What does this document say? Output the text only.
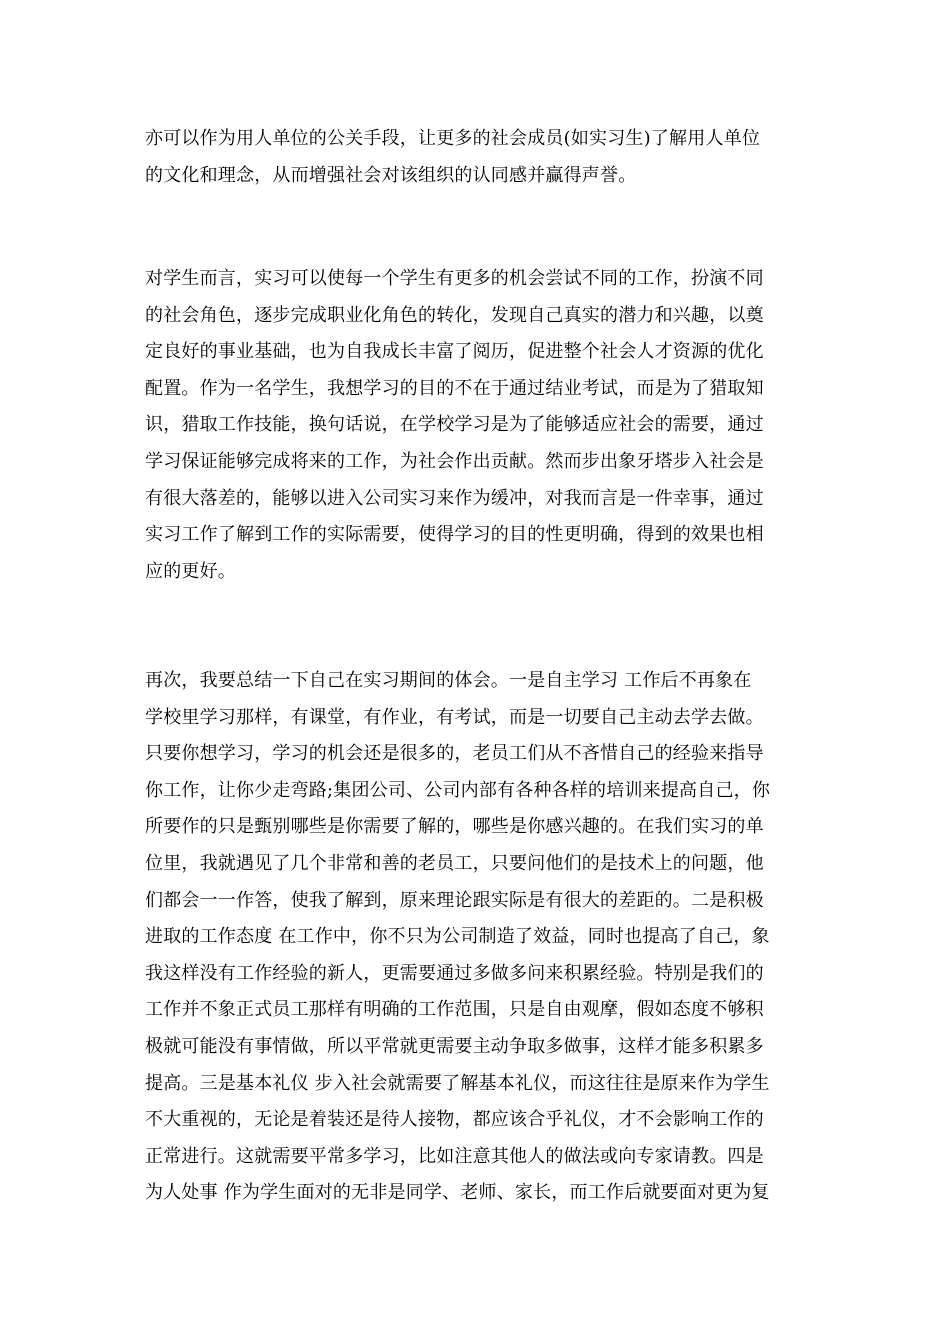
亦可以作为用人单位的公关手段，让更多的社会成员(如实习生)了解用人单位
的文化和理念，从而增强社会对该组织的认同感并赢得声誉。
对学生而言，实习可以使每一个学生有更多的机会尝试不同的工作，扮演不同
的社会角色，逐步完成职业化角色的转化，发现自己真实的潜力和兴趣，以奠
定良好的事业基础，也为自我成长丰富了阅历，促进整个社会人才资源的优化
配置。作为一名学生，我想学习的目的不在于通过结业考试，而是为了猎取知
识，猎取工作技能，换句话说，在学校学习是为了能够适应社会的需要，通过
学习保证能够完成将来的工作，为社会作出贡献。然而步出象牙塔步入社会是
有很大落差的，能够以进入公司实习来作为缓冲，对我而言是一件幸事，通过
实习工作了解到工作的实际需要，使得学习的目的性更明确，得到的效果也相
应的更好。
再次，我要总结一下自己在实习期间的体会。一是自主学习 工作后不再象在
学校里学习那样，有课堂，有作业，有考试，而是一切要自己主动去学去做。
只要你想学习，学习的机会还是很多的，老员工们从不吝惜自己的经验来指导
你工作，让你少走弯路;集团公司、公司内部有各种各样的培训来提高自己，你
所要作的只是甄别哪些是你需要了解的，哪些是你感兴趣的。在我们实习的单
位里，我就遇见了几个非常和善的老员工，只要问他们的是技术上的问题，他
们都会一一作答，使我了解到，原来理论跟实际是有很大的差距的。二是积极
进取的工作态度 在工作中，你不只为公司制造了效益，同时也提高了自己，象
我这样没有工作经验的新人，更需要通过多做多问来积累经验。特别是我们的
工作并不象正式员工那样有明确的工作范围，只是自由观摩，假如态度不够积
极就可能没有事情做，所以平常就更需要主动争取多做事，这样才能多积累多
提高。三是基本礼仪 步入社会就需要了解基本礼仪，而这往往是原来作为学生
不大重视的，无论是着装还是待人接物，都应该合乎礼仪，才不会影响工作的
正常进行。这就需要平常多学习，比如注意其他人的做法或向专家请教。四是
为人处事 作为学生面对的无非是同学、老师、家长，而工作后就要面对更为复
